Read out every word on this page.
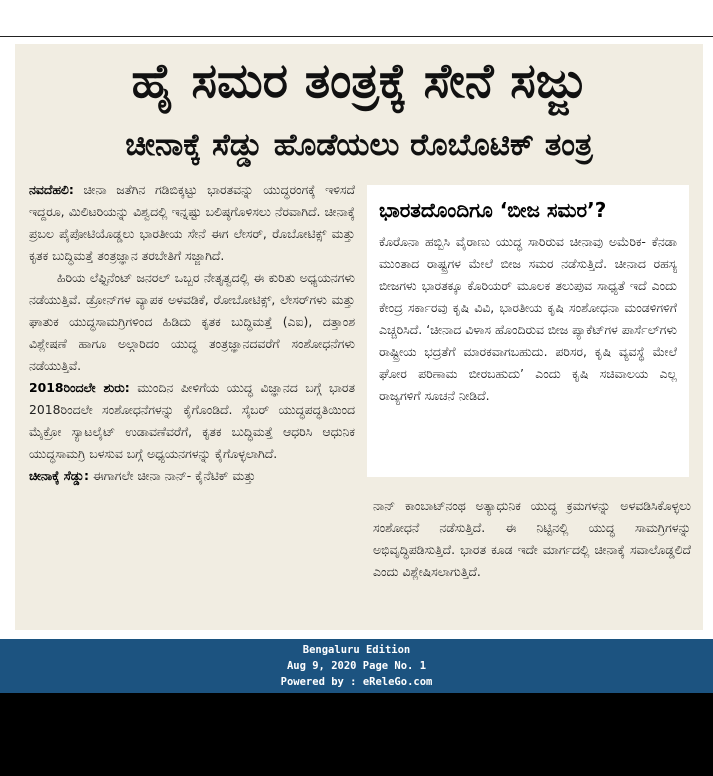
ಹೈ ಸಮರ ತಂತ್ರಕ್ಕೆ ಸೇನೆ ಸಜ್ಜು
ಚೀನಾಕ್ಕೆ ಸೆಡ್ಡು ಹೊಡೆಯಲು ರೊಬೊಟಿಕ್ ತಂತ್ರ

ನವದೆಹಲಿ: ಚೀನಾ ಜತೆಗಿನ ಗಡಿಬಿಕ್ಕಟ್ಟು ಭಾರತವನ್ನು ಯುದ್ಧರಂಗಕ್ಕೆ ಇಳಿಸದೆ ಇದ್ದರೂ, ಮಿಲಿಟರಿಯನ್ನು ವಿಶ್ವದಲ್ಲಿ ಇನ್ನಷ್ಟು ಬಲಿಷ್ಠಗೊಳಿಸಲು ನೆರವಾಗಿದೆ. ಚೀನಾಕ್ಕೆ ಪ್ರಬಲ ಪೈಪೋಟಿಯೊಡ್ಡಲು ಭಾರತೀಯ ಸೇನೆ ಈಗ ಲೇಸರ್, ರೊಬೋಟಿಕ್ಸ್ ಮತ್ತು ಕೃತಕ ಬುದ್ಧಿಮತ್ತೆ ತಂತ್ರಜ್ಞಾನ ತರಬೇತಿಗೆ ಸಜ್ಜಾಗಿದೆ.

ಹಿರಿಯ ಲೆಫ್ಟಿನೆಂಟ್ ಜನರಲ್ ಒಬ್ಬರ ನೇತೃತ್ವದಲ್ಲಿ ಈ ಕುರಿತು ಅಧ್ಯಯನಗಳು ನಡೆಯುತ್ತಿವೆ. ಡ್ರೋನ್‌ಗಳ ವ್ಯಾಪಕ ಅಳವಡಿಕೆ, ರೋಬೋಟಿಕ್ಸ್, ಲೇಸರ್‌ಗಳು ಮತ್ತು ಘಾತುಕ ಯುದ್ಧಸಾಮಗ್ರಿಗಳಿಂದ ಹಿಡಿದು ಕೃತಕ ಬುದ್ಧಿಮತ್ತೆ (ಎಐ), ದತ್ತಾಂಶ ವಿಶ್ಲೇಷಣೆ ಹಾಗೂ ಅಲ್ಗಾರಿದಂ ಯುದ್ಧ ತಂತ್ರಜ್ಞಾನದವರೆಗೆ ಸಂಶೋಧನೆಗಳು ನಡೆಯುತ್ತಿವೆ.

2018ರಿಂದಲೇ ಶುರು: ಮುಂದಿನ ಪೀಳಿಗೆಯ ಯುದ್ಧ ವಿಜ್ಞಾನದ ಬಗ್ಗೆ ಭಾರತ 2018ರಿಂದಲೇ ಸಂಶೋಧನೆಗಳನ್ನು ಕೈಗೊಂಡಿದೆ. ಸೈಬರ್ ಯುದ್ಧಪದ್ಧತಿಯಿಂದ ಮೈಕ್ರೋ ಸ್ಯಾಟಲೈಟ್ ಉಡಾವಣೆವರೆಗೆ, ಕೃತಕ ಬುದ್ಧಿಮತ್ತೆ ಆಧರಿಸಿ ಆಧುನಿಕ ಯುದ್ಧಸಾಮಗ್ರಿ ಬಳಸುವ ಬಗ್ಗೆ ಅಧ್ಯಯನಗಳನ್ನು ಕೈಗೊಳ್ಳಲಾಗಿದೆ.

ಚೀನಾಕ್ಕೆ ಸೆಡ್ಡು: ಈಗಾಗಲೇ ಚೀನಾ ನಾನ್- ಕೈನೆಟಿಕ್ ಮತ್ತು

ಭಾರತದೊಂದಿಗೂ ‘ಬೀಜ ಸಮರ’?

ಕೊರೊನಾ ಹಬ್ಬಿಸಿ ವೈರಾಣು ಯುದ್ಧ ಸಾರಿರುವ ಚೀನಾವು ಅಮೆರಿಕ- ಕೆನಡಾ ಮುಂತಾದ ರಾಷ್ಟ್ರಗಳ ಮೇಲೆ ಬೀಜ ಸಮರ ನಡೆಸುತ್ತಿದೆ. ಚೀನಾದ ರಹಸ್ಯ ಬೀಜಗಳು ಭಾರತಕ್ಕೂ ಕೊರಿಯರ್ ಮೂಲಕ ತಲುಪುವ ಸಾಧ್ಯತೆ ಇದೆ ಎಂದು ಕೇಂದ್ರ ಸರ್ಕಾರವು ಕೃಷಿ ವಿವಿ, ಭಾರತೀಯ ಕೃಷಿ ಸಂಶೋಧನಾ ಮಂಡಳಿಗಳಿಗೆ ಎಚ್ಚರಿಸಿದೆ. ‘ಚೀನಾದ ವಿಳಾಸ ಹೊಂದಿರುವ ಬೀಜ ಪ್ಯಾಕೆಟ್‌ಗಳ ಪಾರ್ಸೆಲ್‌ಗಳು ರಾಷ್ಟ್ರೀಯ ಭದ್ರತೆಗೆ ಮಾರಕವಾಗಬಹುದು. ಪರಿಸರ, ಕೃಷಿ ವ್ಯವಸ್ಥೆ ಮೇಲೆ ಘೋರ ಪರಿಣಾಮ ಬೀರಬಹುದು’ ಎಂದು ಕೃಷಿ ಸಚಿವಾಲಯ ಎಲ್ಲ ರಾಜ್ಯಗಳಿಗೆ ಸೂಚನೆ ನೀಡಿದೆ.

ನಾನ್ ಕಾಂಬಾಟ್‌ನಂಥ ಅತ್ಯಾಧುನಿಕ ಯುದ್ಧ ಕ್ರಮಗಳನ್ನು ಅಳವಡಿಸಿಕೊಳ್ಳಲು ಸಂಶೋಧನೆ ನಡೆಸುತ್ತಿದೆ. ಈ ನಿಟ್ಟಿನಲ್ಲಿ ಯುದ್ಧ ಸಾಮಗ್ರಿಗಳನ್ನು ಅಭಿವೃದ್ಧಿಪಡಿಸುತ್ತಿದೆ. ಭಾರತ ಕೂಡ ಇದೇ ಮಾರ್ಗದಲ್ಲಿ ಚೀನಾಕ್ಕೆ ಸವಾಲೊಡ್ಡಲಿದೆ ಎಂದು ವಿಶ್ಲೇಷಿಸಲಾಗುತ್ತಿದೆ.

Bengaluru Edition
Aug 9, 2020 Page No. 1
Powered by : eReleGo.com
